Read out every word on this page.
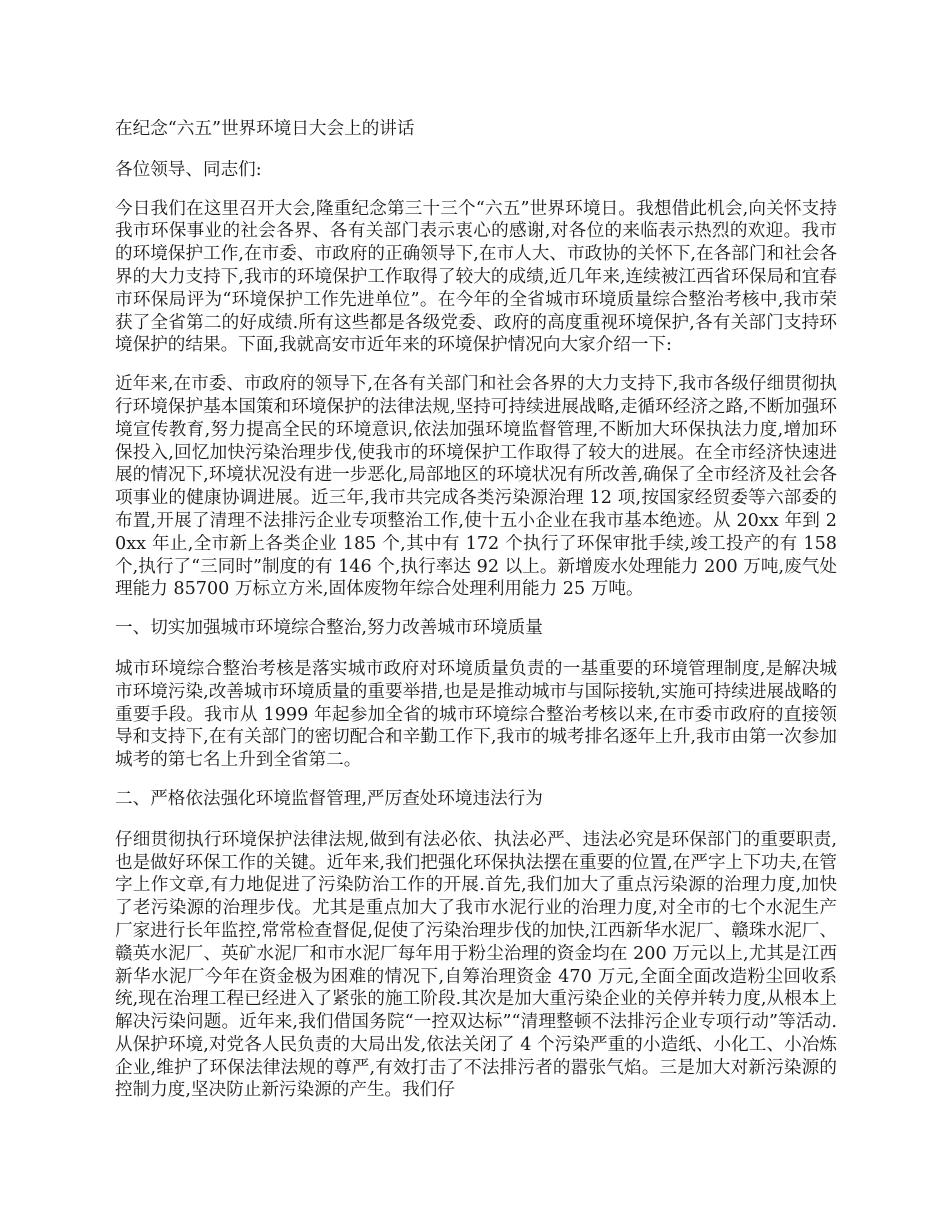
在纪念“六五”世界环境日大会上的讲话

各位领导、同志们:

今日我们在这里召开大会,隆重纪念第三十三个“六五”世界环境日。我想借此机会,向关怀支持我市环保事业的社会各界、各有关部门表示衷心的感谢,对各位的来临表示热烈的欢迎。我市的环境保护工作,在市委、市政府的正确领导下,在市人大、市政协的关怀下,在各部门和社会各界的大力支持下,我市的环境保护工作取得了较大的成绩,近几年来,连续被江西省环保局和宜春市环保局评为“环境保护工作先进单位”。在今年的全省城市环境质量综合整治考核中,我市荣获了全省第二的好成绩.所有这些都是各级党委、政府的高度重视环境保护,各有关部门支持环境保护的结果。下面,我就高安市近年来的环境保护情况向大家介绍一下:

近年来,在市委、市政府的领导下,在各有关部门和社会各界的大力支持下,我市各级仔细贯彻执行环境保护基本国策和环境保护的法律法规,坚持可持续进展战略,走循环经济之路,不断加强环境宣传教育,努力提高全民的环境意识,依法加强环境监督管理,不断加大环保执法力度,增加环保投入,回忆加快污染治理步伐,使我市的环境保护工作取得了较大的进展。在全市经济快速进展的情况下,环境状况没有进一步恶化,局部地区的环境状况有所改善,确保了全市经济及社会各项事业的健康协调进展。近三年,我市共完成各类污染源治理 12 项,按国家经贸委等六部委的布置,开展了清理不法排污企业专项整治工作,使十五小企业在我市基本绝迹。从 20xx 年到 20xx 年止,全市新上各类企业 185 个,其中有 172 个执行了环保审批手续,竣工投产的有 158 个,执行了“三同时”制度的有 146 个,执行率达 92 以上。新增废水处理能力 200 万吨,废气处理能力 85700 万标立方米,固体废物年综合处理利用能力 25 万吨。

一、切实加强城市环境综合整治,努力改善城市环境质量

城市环境综合整治考核是落实城市政府对环境质量负责的一基重要的环境管理制度,是解决城市环境污染,改善城市环境质量的重要举措,也是是推动城市与国际接轨,实施可持续进展战略的重要手段。我市从 1999 年起参加全省的城市环境综合整治考核以来,在市委市政府的直接领导和支持下,在有关部门的密切配合和辛勤工作下,我市的城考排名逐年上升,我市由第一次参加城考的第七名上升到全省第二。

二、严格依法强化环境监督管理,严厉查处环境违法行为

仔细贯彻执行环境保护法律法规,做到有法必依、执法必严、违法必究是环保部门的重要职责,也是做好环保工作的关键。近年来,我们把强化环保执法摆在重要的位置,在严字上下功夫,在管字上作文章,有力地促进了污染防治工作的开展.首先,我们加大了重点污染源的治理力度,加快了老污染源的治理步伐。尤其是重点加大了我市水泥行业的治理力度,对全市的七个水泥生产厂家进行长年监控,常常检查督促,促使了污染治理步伐的加快,江西新华水泥厂、赣珠水泥厂、赣英水泥厂、英矿水泥厂和市水泥厂每年用于粉尘治理的资金均在 200 万元以上,尤其是江西新华水泥厂今年在资金极为困难的情况下,自筹治理资金 470 万元,全面全面改造粉尘回收系统,现在治理工程已经进入了紧张的施工阶段.其次是加大重污染企业的关停并转力度,从根本上解决污染问题。近年来,我们借国务院“一控双达标”“清理整顿不法排污企业专项行动”等活动.从保护环境,对党各人民负责的大局出发,依法关闭了 4 个污染严重的小造纸、小化工、小冶炼企业,维护了环保法律法规的尊严,有效打击了不法排污者的嚣张气焰。三是加大对新污染源的控制力度,坚决防止新污染源的产生。我们仔
